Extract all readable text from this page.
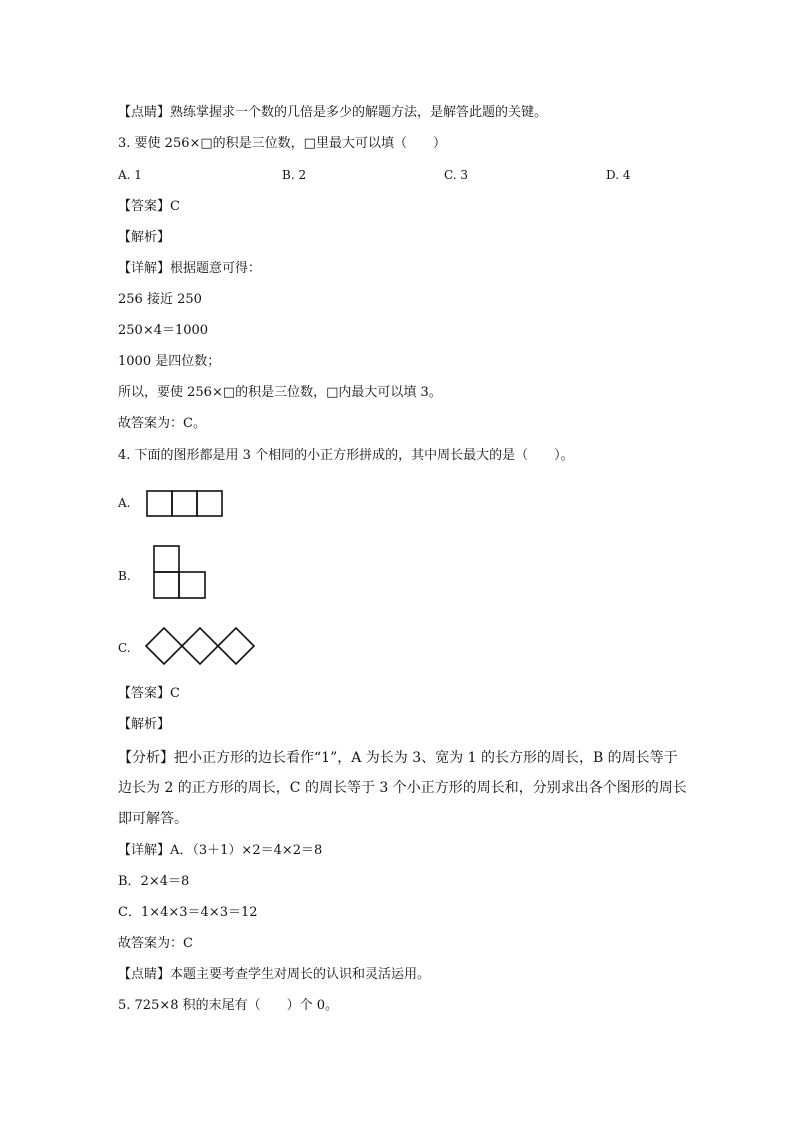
【点睛】熟练掌握求一个数的几倍是多少的解题方法，是解答此题的关键。
3. 要使 256×□的积是三位数，□里最大可以填（　　）
A. 1	B. 2	C. 3	D. 4
【答案】C
【解析】
【详解】根据题意可得：
256 接近 250
250×4＝1000
1000 是四位数；
所以，要使 256×□的积是三位数，□内最大可以填 3。
故答案为：C。
4. 下面的图形都是用 3 个相同的小正方形拼成的，其中周长最大的是（　　）。
A.
B.
C.
【答案】C
【解析】
【分析】把小正方形的边长看作“1”，A 为长为 3、宽为 1 的长方形的周长，B 的周长等于
边长为 2 的正方形的周长，C 的周长等于 3 个小正方形的周长和，分别求出各个图形的周长
即可解答。
【详解】A．（3＋1）×2＝4×2＝8
B．2×4＝8
C．1×4×3＝4×3＝12
故答案为：C
【点睛】本题主要考查学生对周长的认识和灵活运用。
5. 725×8 积的末尾有（　　）个 0。
